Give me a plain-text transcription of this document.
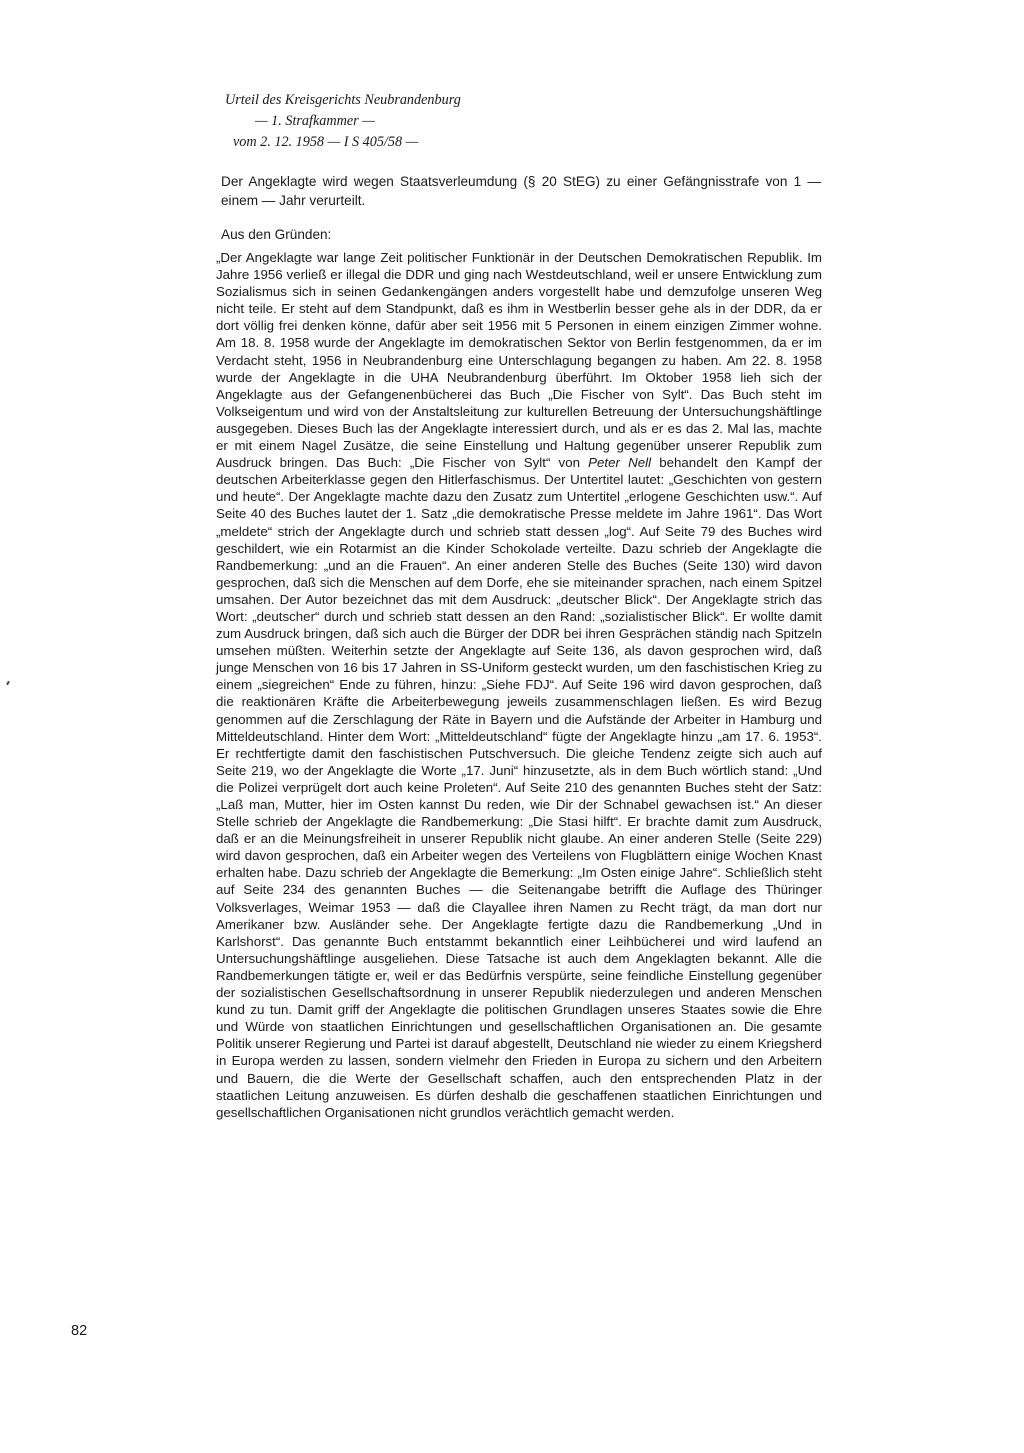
Urteil des Kreisgerichts Neubrandenburg
— 1. Strafkammer —
vom 2. 12. 1958 — I S 405/58 —
Der Angeklagte wird wegen Staatsverleumdung (§ 20 StEG) zu einer Gefängnisstrafe von 1 — einem — Jahr verurteilt.
Aus den Gründen:
„Der Angeklagte war lange Zeit politischer Funktionär in der Deutschen Demokratischen Republik. Im Jahre 1956 verließ er illegal die DDR und ging nach Westdeutschland, weil er unsere Entwicklung zum Sozialismus sich in seinen Gedankengängen anders vorgestellt habe und demzufolge unseren Weg nicht teile. Er steht auf dem Standpunkt, daß es ihm in Westberlin besser gehe als in der DDR, da er dort völlig frei denken könne, dafür aber seit 1956 mit 5 Personen in einem einzigen Zimmer wohne. Am 18. 8. 1958 wurde der Angeklagte im demokratischen Sektor von Berlin festgenommen, da er im Verdacht steht, 1956 in Neubrandenburg eine Unterschlagung begangen zu haben. Am 22. 8. 1958 wurde der Angeklagte in die UHA Neubrandenburg überführt. Im Oktober 1958 lieh sich der Angeklagte aus der Gefangenenbücherei das Buch „Die Fischer von Sylt“. Das Buch steht im Volkseigentum und wird von der Anstaltsleitung zur kulturellen Betreuung der Untersuchungshäftlinge ausgegeben. Dieses Buch las der Angeklagte interessiert durch, und als er es das 2. Mal las, machte er mit einem Nagel Zusätze, die seine Einstellung und Haltung gegenüber unserer Republik zum Ausdruck bringen. Das Buch: „Die Fischer von Sylt“ von Peter Nell behandelt den Kampf der deutschen Arbeiterklasse gegen den Hitlerfaschismus. Der Untertitel lautet: „Geschichten von gestern und heute“. Der Angeklagte machte dazu den Zusatz zum Untertitel „erlogene Geschichten usw.“. Auf Seite 40 des Buches lautet der 1. Satz „die demokratische Presse meldete im Jahre 1961“. Das Wort „meldete“ strich der Angeklagte durch und schrieb statt dessen „log“. Auf Seite 79 des Buches wird geschildert, wie ein Rotarmist an die Kinder Schokolade verteilte. Dazu schrieb der Angeklagte die Randbemerkung: „und an die Frauen“. An einer anderen Stelle des Buches (Seite 130) wird davon gesprochen, daß sich die Menschen auf dem Dorfe, ehe sie miteinander sprachen, nach einem Spitzel umsahen. Der Autor bezeichnet das mit dem Ausdruck: „deutscher Blick“. Der Angeklagte strich das Wort: „deutscher“ durch und schrieb statt dessen an den Rand: „sozialistischer Blick“. Er wollte damit zum Ausdruck bringen, daß sich auch die Bürger der DDR bei ihren Gesprächen ständig nach Spitzeln umsehen müßten. Weiterhin setzte der Angeklagte auf Seite 136, als davon gesprochen wird, daß junge Menschen von 16 bis 17 Jahren in SS-Uniform gesteckt wurden, um den faschistischen Krieg zu einem „siegreichen“ Ende zu führen, hinzu: „Siehe FDJ“. Auf Seite 196 wird davon gesprochen, daß die reaktionären Kräfte die Arbeiterbewegung jeweils zusammenschlagen ließen. Es wird Bezug genommen auf die Zerschlagung der Räte in Bayern und die Aufstände der Arbeiter in Hamburg und Mitteldeutschland. Hinter dem Wort: „Mitteldeutschland“ fügte der Angeklagte hinzu „am 17. 6. 1953“. Er rechtfertigte damit den faschistischen Putschversuch. Die gleiche Tendenz zeigte sich auch auf Seite 219, wo der Angeklagte die Worte „17. Juni“ hinzusetzte, als in dem Buch wörtlich stand: „Und die Polizei verprügelt dort auch keine Proleten“. Auf Seite 210 des genannten Buches steht der Satz: „Laß man, Mutter, hier im Osten kannst Du reden, wie Dir der Schnabel gewachsen ist.“ An dieser Stelle schrieb der Angeklagte die Randbemerkung: „Die Stasi hilft“. Er brachte damit zum Ausdruck, daß er an die Meinungsfreiheit in unserer Republik nicht glaube. An einer anderen Stelle (Seite 229) wird davon gesprochen, daß ein Arbeiter wegen des Verteilens von Flugblättern einige Wochen Knast erhalten habe. Dazu schrieb der Angeklagte die Bemerkung: „Im Osten einige Jahre“. Schließlich steht auf Seite 234 des genannten Buches — die Seitenangabe betrifft die Auflage des Thüringer Volksverlages, Weimar 1953 — daß die Clayallee ihren Namen zu Recht trägt, da man dort nur Amerikaner bzw. Ausländer sehe. Der Angeklagte fertigte dazu die Randbemerkung „Und in Karlshorst“. Das genannte Buch entstammt bekanntlich einer Leihbücherei und wird laufend an Untersuchungshäftlinge ausgeliehen. Diese Tatsache ist auch dem Angeklagten bekannt. Alle die Randbemerkungen tätigte er, weil er das Bedürfnis verspürte, seine feindliche Einstellung gegenüber der sozialistischen Gesellschaftsordnung in unserer Republik niederzulegen und anderen Menschen kund zu tun. Damit griff der Angeklagte die politischen Grundlagen unseres Staates sowie die Ehre und Würde von staatlichen Einrichtungen und gesellschaftlichen Organisationen an. Die gesamte Politik unserer Regierung und Partei ist darauf abgestellt, Deutschland nie wieder zu einem Kriegsherd in Europa werden zu lassen, sondern vielmehr den Frieden in Europa zu sichern und den Arbeitern und Bauern, die die Werte der Gesellschaft schaffen, auch den entsprechenden Platz in der staatlichen Leitung anzuweisen. Es dürfen deshalb die geschaffenen staatlichen Einrichtungen und gesellschaftlichen Organisationen nicht grundlos verächtlich gemacht werden.
82
